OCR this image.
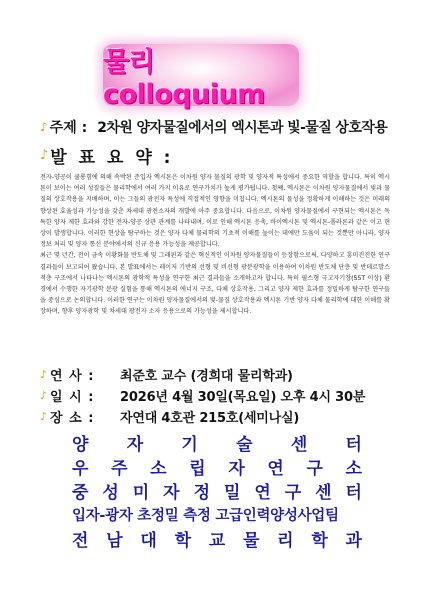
물리colloquium
♪ 주제 : 2차원 양자물질에서의 엑시톤과 빛-물질 상호작용
♪ 발 표 요 약 :

전자-양공이 쿨롱힘에 의해 속박된 준입자 엑시톤은 이차원 양자 물질의 광학 및 양자적 특성에서 중요한 역할을 합니다. 특히 엑시톤이 보이는 여러 성질들은 물리학에서 여러 가지 이유로 연구가치가 높게 평가됩니다. 첫째, 엑시톤은 이차원 양자물질에서 빛과 물질의 상호작용을 지배하며, 이는 그들의 광전자 특성에 직접적인 영향을 미칩니다. 엑시톤의 물성을 정확하게 이해하는 것은 미래의 향상된 효율성과 기능성을 갖춘 차세대 광전소자의 개발에 아주 중요합니다. 다음으로, 이차원 양자물질에서 구현되는 엑시톤은 독특한 양자 제한 효과와 강한 전자-양공 상관 관계를 나타내며, 이로 인해 엑시톤 응축, 바이엑시톤 및 엑시톤-폴라론과 같은 이고 현상이 발생합니다. 이러한 현상을 탐구하는 것은 양자 다체 물리학의 기초적 이해를 높이는 데에만 도움이 되는 것뿐만 아니라, 양자 정보 처리 및 양자 통신 분야에서의 신규 응용 가능성을 제공합니다.

최근 몇 년간, 전이 금속 이황화물 반도체 및 그래핀과 같은 혁신적인 이차원 양자물질들이 등장함으로써, 다양하고 흥미진진한 연구결과들이 보고되어 왔습니다. 본 발표에서는 레이저 기반의 선형 및 비선형 광분광학을 이용하여 이차원 반도체 단층 및 반데르발스 적층 구조에서 나타나는 엑시톤의 광학적 특성을 연구한 최근 결과들을 소개하고자 합니다. 특히 필스형 극고자기장(55T 이상) 환경에서 수행한 자기광학 분광 실험을 통해 엑시톤의 에너지 구조, 다체 상호작용, 그리고 양자 제한 효과를 정밀하게 탐구한 연구들을 중심으로 논의합니다. 이러한 연구는 이차원 양자물질에서의 빛-물질 상호작용과 엑시톤 기반 양자 다체 물리학에 대한 이해를 확장하며, 향후 양자광학 및 차세대 광전자 소자 응용으로의 가능성을 제시합니다.

♪ 연 사 :	최준호 교수 (경희대 물리학과)
♪ 일 시 :	2026년 4월 30일(목요일) 오후 4시 30분
♪ 장 소 :	자연대 4호관 215호(세미나실)
양 자 기 술 센 터
우 주 소 립 자 연 구 소
중 성 미 자 정 밀 연 구 센 터
입자-광자 초정밀 측정 고급인력양성사업팀
전 남 대 학 교 물 리 학 과
